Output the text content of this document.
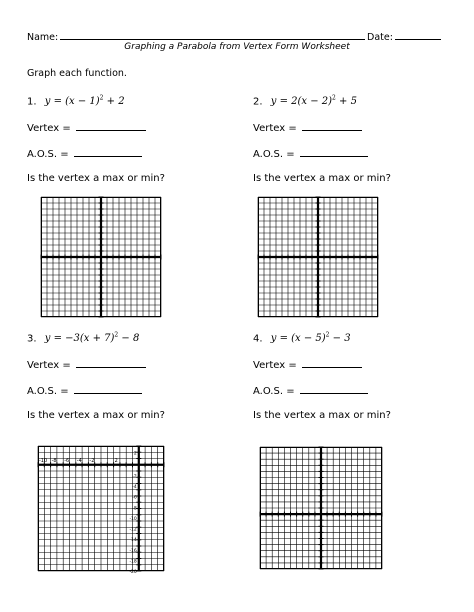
Name:	Date:
Graphing a Parabola from Vertex Form Worksheet
Graph each function.
1. $y = (x - 1)^2 + 2$
Vertex =
A.O.S. =
Is the vertex a max or min?
2. $y = 2(x - 2)^2 + 5$
Vertex =
A.O.S. =
Is the vertex a max or min?
3. $y = -3(x + 7)^2 - 8$
Vertex =
A.O.S. =
Is the vertex a max or min?
4. $y = (x - 5)^2 - 3$
Vertex =
A.O.S. =
Is the vertex a max or min?
-10 -8 -6 -4 -2	2
2
-2
-4
-6
-8
-10
-12
-14
-16
-18
-20
